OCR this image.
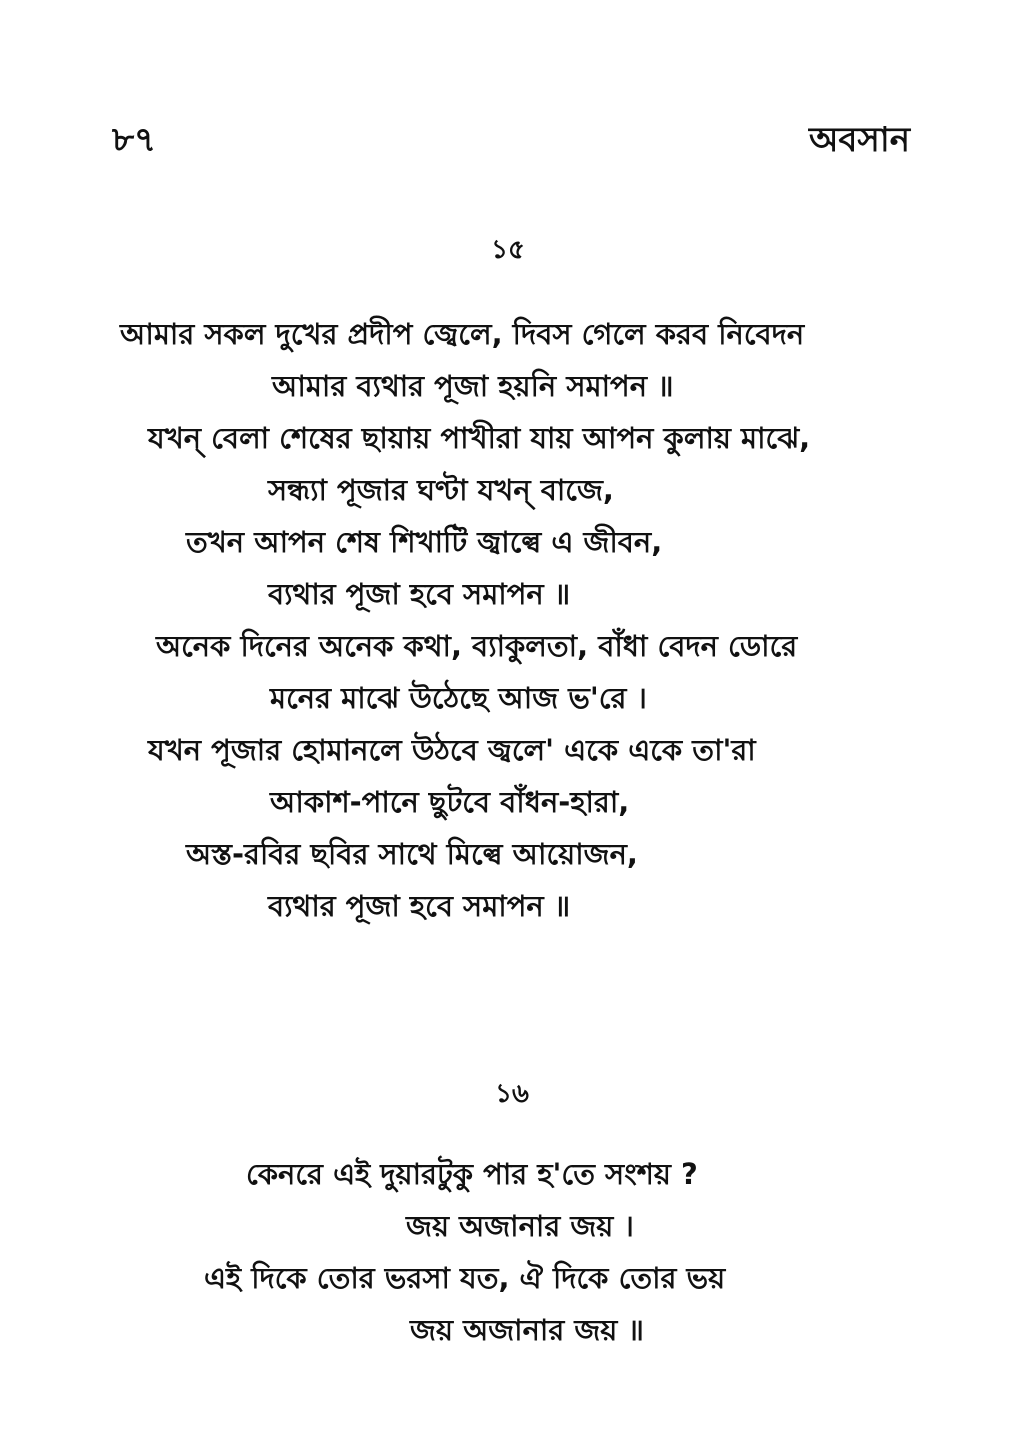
৮৭	অবসান
১৫
আমার সকল দুখের প্রদীপ জ্বেলে, দিবস গেলে করব নিবেদন
আমার ব্যথার পূজা হয়নি সমাপন ॥
যখন্ বেলা শেষের ছায়ায় পাখীরা যায় আপন কুলায় মাঝে,
সন্ধ্যা পূজার ঘণ্টা যখন্ বাজে,
তখন আপন শেষ শিখাটি জ্বাল্বে এ জীবন,
ব্যথার পূজা হবে সমাপন ॥
অনেক দিনের অনেক কথা, ব্যাকুলতা, বাঁধা বেদন ডোরে
মনের মাঝে উঠেছে আজ ভ'রে ।
যখন পূজার হোমানলে উঠবে জ্বলে' একে একে তা'রা
আকাশ-পানে ছুটবে বাঁধন-হারা,
অস্ত-রবির ছবির সাথে মিল্বে আয়োজন,
ব্যথার পূজা হবে সমাপন ॥
১৬
কেনরে এই দুয়ারটুকু পার হ'তে সংশয় ?
জয় অজানার জয় ।
এই দিকে তোর ভরসা যত, ঐ দিকে তোর ভয়
জয় অজানার জয় ॥
